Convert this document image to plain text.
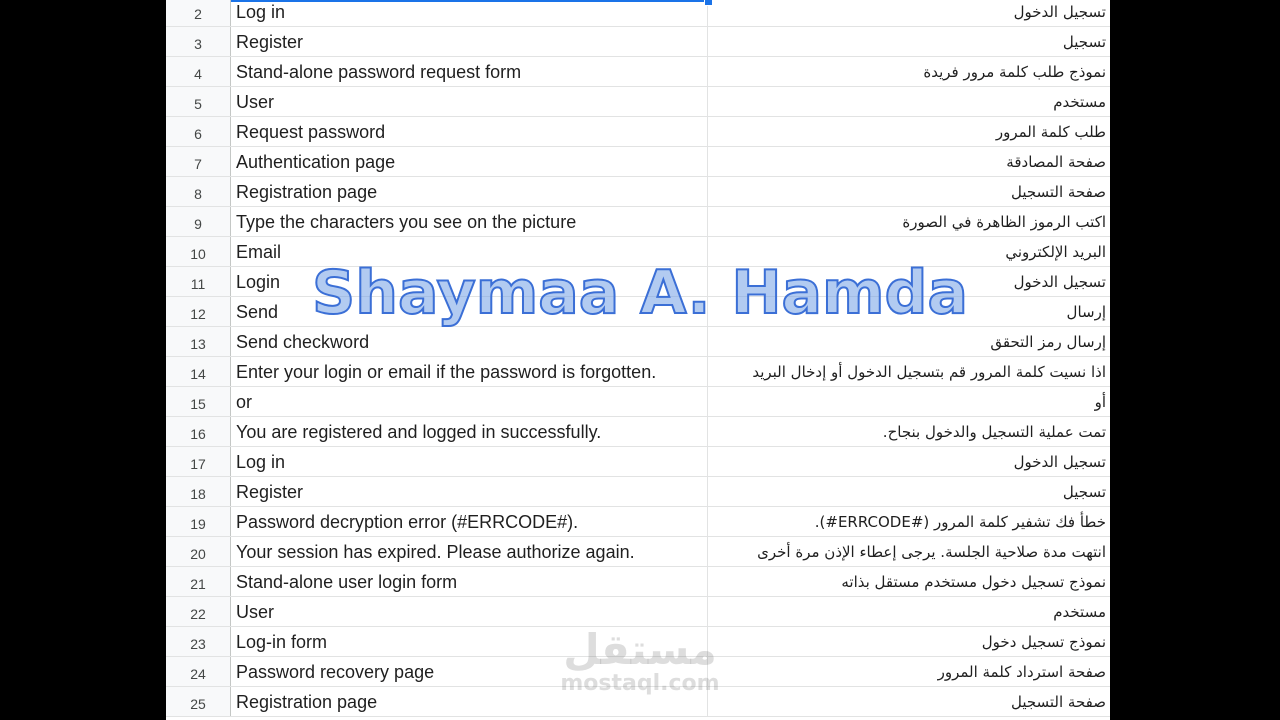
2	Log in	تسجيل الدخول
3	Register	تسجيل
4	Stand-alone password request form	نموذج طلب كلمة مرور فريدة
5	User	مستخدم
6	Request password	طلب كلمة المرور
7	Authentication page	صفحة المصادقة
8	Registration page	صفحة التسجيل
9	Type the characters you see on the picture	اكتب الرموز الظاهرة في الصورة
10	Email	البريد الإلكتروني
11	Login	تسجيل الدخول
12	Send	إرسال
13	Send checkword	إرسال رمز التحقق
14	Enter your login or email if the password is forgotten.	اذا نسيت كلمة المرور قم بتسجيل الدخول أو إدخال البريد
15	or	أو
16	You are registered and logged in successfully.	تمت عملية التسجيل والدخول بنجاح.
17	Log in	تسجيل الدخول
18	Register	تسجيل
19	Password decryption error (#ERRCODE#).	خطأ فك تشفير كلمة المرور (#ERRCODE#).
20	Your session has expired. Please authorize again.	انتهت مدة صلاحية الجلسة. يرجى إعطاء الإذن مرة أخرى
21	Stand-alone user login form	نموذج تسجيل دخول مستخدم مستقل بذاته
22	User	مستخدم
23	Log-in form	نموذج تسجيل دخول
24	Password recovery page	صفحة استرداد كلمة المرور
25	Registration page	صفحة التسجيل
Shaymaa A. Hamda
مستقل
mostaql.com
